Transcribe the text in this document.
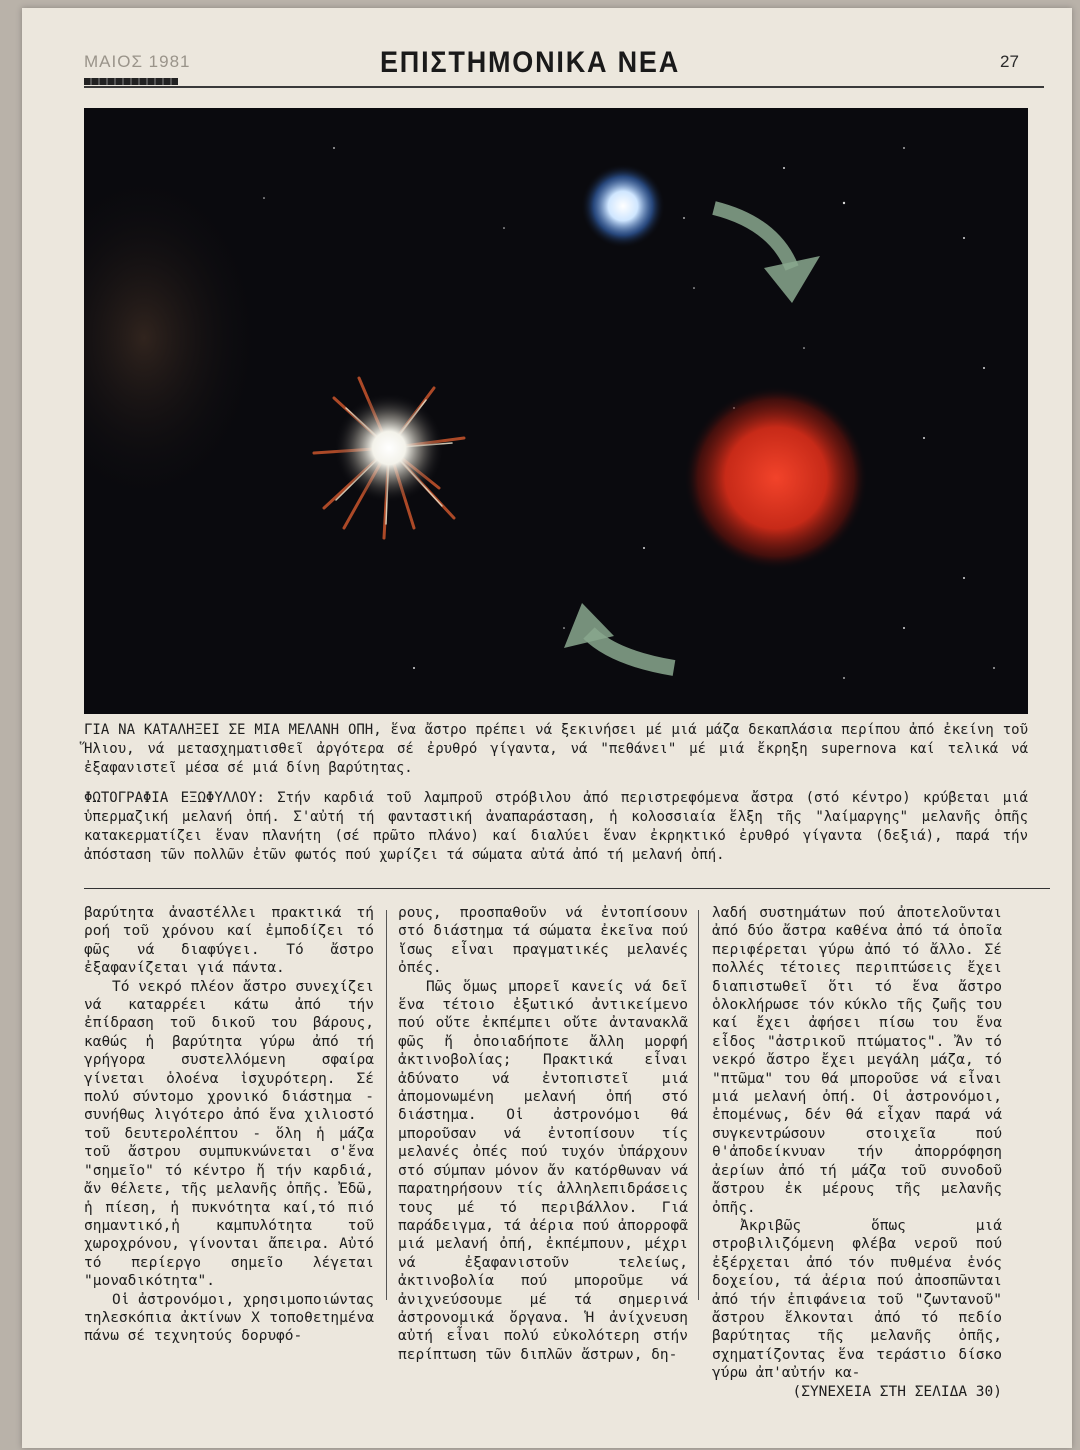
ΜΑΙΟΣ 1981	ΕΠΙΣΤΗΜΟΝΙΚΑ ΝΕΑ	27
ΓΙΑ ΝΑ ΚΑΤΑΛΗΞΕΙ ΣΕ ΜΙΑ ΜΕΛΑΝΗ ΟΠΗ, ἕνα ἄστρο πρέπει νά ξεκινήσει μέ μιά μάζα δεκαπλάσια περίπου ἀπό ἐκείνη τοῦ Ἥλιου, νά μετασχηματισθεῖ ἀργότερα σέ ἐρυθρό γίγαντα, νά "πεθάνει" μέ μιά ἔκρηξη supernova καί τελικά νά ἐξαφανιστεῖ μέσα σέ μιά δίνη βαρύτητας.
ΦΩΤΟΓΡΑΦΙΑ ΕΞΩΦΥΛΛΟΥ: Στήν καρδιά τοῦ λαμπροῦ στρόβιλου ἀπό περιστρεφόμενα ἄστρα (στό κέντρο) κρύβεται μιά ὑπερμαζική μελανή ὀπή. Σ'αὐτή τή φανταστική ἀναπαράσταση, ἡ κολοσσιαία ἕλξη τῆς "λαίμαργης" μελανῆς ὀπῆς κατακερματίζει ἕναν πλανήτη (σέ πρῶτο πλάνο) καί διαλύει ἕναν ἐκρηκτικό ἐρυθρό γίγαντα (δεξιά), παρά τήν ἀπόσταση τῶν πολλῶν ἐτῶν φωτός πού χωρίζει τά σώματα αὐτά ἀπό τή μελανή ὀπή.

βαρύτητα ἀναστέλλει πρακτικά τή ροή τοῦ χρόνου καί ἐμποδίζει τό φῶς νά διαφύγει. Τό ἄστρο ἐξαφανίζεται γιά πάντα.

Τό νεκρό πλέον ἄστρο συνεχίζει νά καταρρέει κάτω ἀπό τήν ἐπίδραση τοῦ δικοῦ του βάρους, καθώς ἡ βαρύτητα γύρω ἀπό τή γρήγορα συστελλόμενη σφαίρα γίνεται ὁλοένα ἰσχυρότερη. Σέ πολύ σύντομο χρονικό διάστημα - συνήθως λιγότερο ἀπό ἕνα χιλιοστό τοῦ δευτερολέπτου - ὅλη ἡ μάζα τοῦ ἄστρου συμπυκνώνεται σ'ἕνα "σημεῖο" τό κέντρο ἤ τήν καρδιά, ἄν θέλετε, τῆς μελανῆς ὀπῆς. Ἐδῶ, ἡ πίεση, ἡ πυκνότητα καί,τό πιό σημαντικό,ἡ καμπυλότητα τοῦ χωροχρόνου, γίνονται ἄπειρα. Αὐτό τό περίεργο σημεῖο λέγεται "μοναδικότητα".

Οἱ ἀστρονόμοι, χρησιμοποιώντας τηλεσκόπια ἀκτίνων Χ τοποθετημένα πάνω σέ τεχνητούς δορυφό-

ρους, προσπαθοῦν νά ἐντοπίσουν στό διάστημα τά σώματα ἐκεῖνα πού ἴσως εἶναι πραγματικές μελανές ὀπές.

Πῶς ὅμως μπορεῖ κανείς νά δεῖ ἕνα τέτοιο ἐξωτικό ἀντικείμενο πού οὔτε ἐκπέμπει οὔτε ἀντανακλᾶ φῶς ἤ ὁποιαδήποτε ἄλλη μορφή ἀκτινοβολίας; Πρακτικά εἶναι ἀδύνατο νά ἐντοπιστεῖ μιά ἀπομονωμένη μελανή ὀπή στό διάστημα. Οἱ ἀστρονόμοι θά μποροῦσαν νά ἐντοπίσουν τίς μελανές ὀπές πού τυχόν ὑπάρχουν στό σύμπαν μόνον ἄν κατόρθωναν νά παρατηρήσουν τίς ἀλληλεπιδράσεις τους μέ τό περιβάλλον. Γιά παράδειγμα, τά ἀέρια πού ἀπορροφᾶ μιά μελανή ὀπή, ἐκπέμπουν, μέχρι νά ἐξαφανιστοῦν τελείως, ἀκτινοβολία πού μποροῦμε νά ἀνιχνεύσουμε μέ τά σημερινά ἀστρονομικά ὄργανα. Ἡ ἀνίχνευση αὐτή εἶναι πολύ εὐκολότερη στήν περίπτωση τῶν διπλῶν ἄστρων, δη-

λαδή συστημάτων πού ἀποτελοῦνται ἀπό δύο ἄστρα καθένα ἀπό τά ὁποῖα περιφέρεται γύρω ἀπό τό ἄλλο. Σέ πολλές τέτοιες περιπτώσεις ἔχει διαπιστωθεῖ ὅτι τό ἕνα ἄστρο ὁλοκλήρωσε τόν κύκλο τῆς ζωῆς του καί ἔχει ἀφήσει πίσω του ἕνα εἶδος "ἀστρικοῦ πτώματος". Ἄν τό νεκρό ἄστρο ἔχει μεγάλη μάζα, τό "πτῶμα" του θά μποροῦσε νά εἶναι μιά μελανή ὀπή. Οἱ ἀστρονόμοι, ἐπομένως, δέν θά εἶχαν παρά νά συγκεντρώσουν στοιχεῖα πού θ'ἀποδείκνυαν τήν ἀπορρόφηση ἀερίων ἀπό τή μάζα τοῦ συνοδοῦ ἄστρου ἐκ μέρους τῆς μελανῆς ὀπῆς.

Ἀκριβῶς ὅπως μιά στροβιλιζόμενη φλέβα νεροῦ πού ἐξέρχεται ἀπό τόν πυθμένα ἑνός δοχείου, τά ἀέρια πού ἀποσπῶνται ἀπό τήν ἐπιφάνεια τοῦ "ζωντανοῦ" ἄστρου ἕλκονται ἀπό τό πεδίο βαρύτητας τῆς μελανῆς ὀπῆς, σχηματίζοντας ἕνα τεράστιο δίσκο γύρω ἀπ'αὐτήν κα-

(ΣΥΝΕΧΕΙΑ ΣΤΗ ΣΕΛΙΔΑ 30)
